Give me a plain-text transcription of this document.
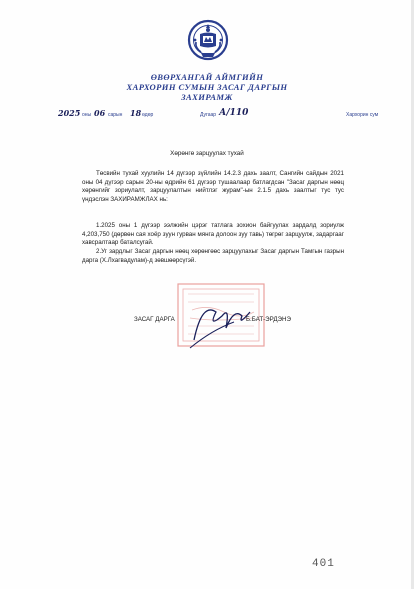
ӨВӨРХАНГАЙ АЙМГИЙН
ХАРХОРИН СУМЫН ЗАСАГ ДАРГЫН
ЗАХИРАМЖ
2025 оны 06 сарын 18 өдөр	Дугаар А/110	Хархорин сум
Хөрөнгө зарцуулах тухай
Төсвийн тухай хуулийн 14 дүгээр зүйлийн 14.2.3 дахь заалт, Сангийн сайдын 2021 оны 04 дүгээр сарын 20-ны өдрийн 61 дүгээр тушаалаар батлагдсан "Засаг даргын нөөц хөрөнгийг зориулалт, зарцуулалтын нийтлэг журам"-ын 2.1.5 дахь заалтыг тус тус үндэслэн ЗАХИРАМЖЛАХ нь:
1.2025 оны 1 дүгээр ээлжийн цэрэг татлага зохион байгуулах зардалд зориулж 4,203,750 (дөрвөн сая хоёр зуун гурван мянга долоон зуу тавь) төгрөг зарцуулж, задаргааг хавсралтаар баталсугай.
2.Уг зардлыг Засаг даргын нөөц хөрөнгөөс зарцуулахыг Засаг даргын Тамгын газрын дарга (Х.Лхагвадулам)-д зөвшөөрсүгэй.
ЗАСАГ ДАРГА	Б.БАТ-ЭРДЭНЭ
401
